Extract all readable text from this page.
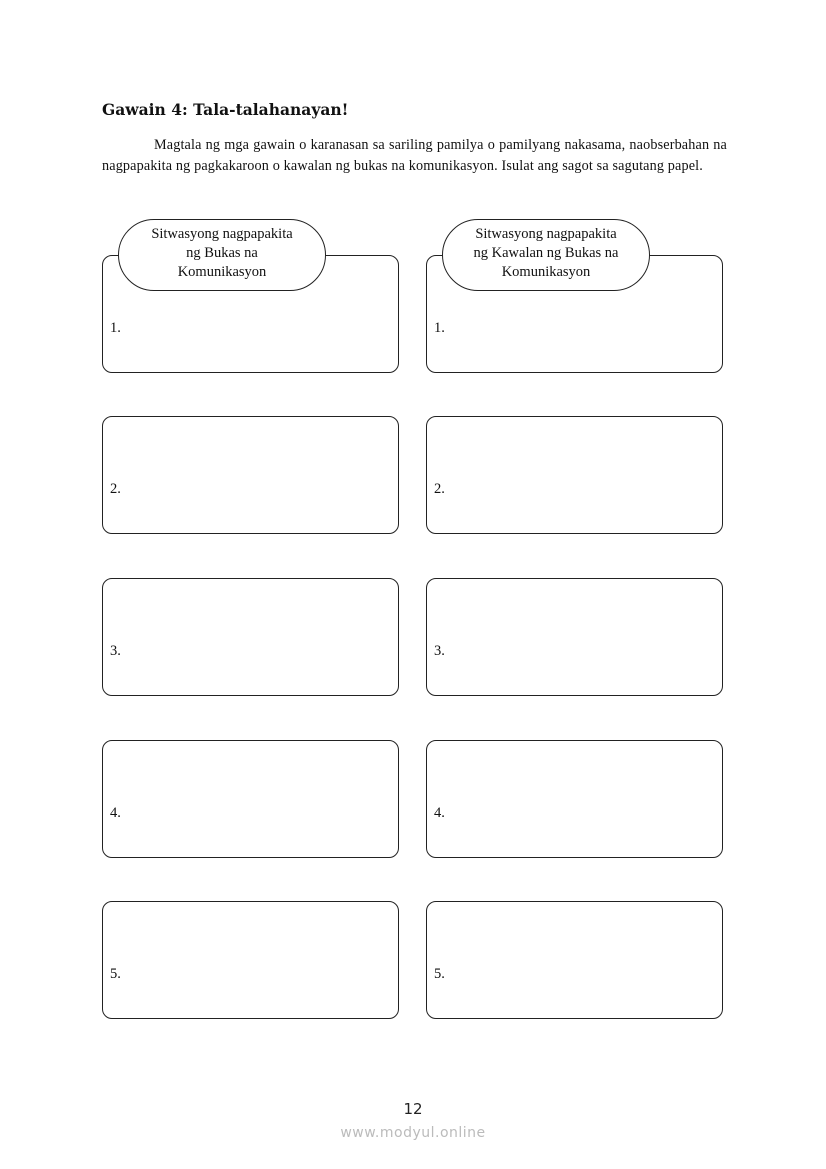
Gawain 4: Tala-talahanayan!
Magtala ng mga gawain o karanasan sa sariling pamilya o pamilyang nakasama, naobserbahan na nagpapakita ng pagkakaroon o kawalan ng bukas na komunikasyon. Isulat ang sagot sa sagutang papel.
Sitwasyong nagpapakita
ng Bukas na
Komunikasyon
1.
2.
3.
4.
5.
Sitwasyong nagpapakita
ng Kawalan ng Bukas na
Komunikasyon
1.
2.
3.
4.
5.
12
www.modyul.online
